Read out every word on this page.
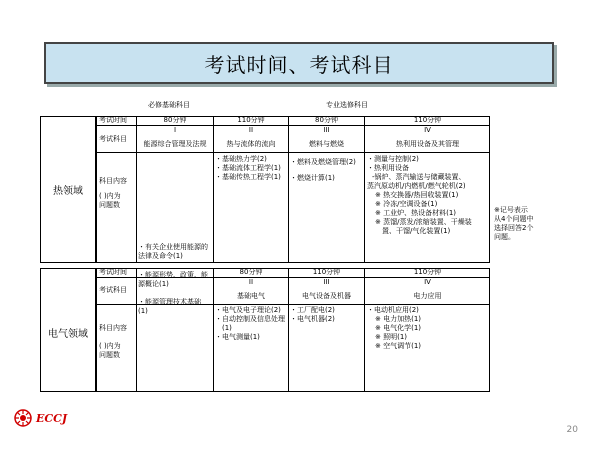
考试时间、考试科目
必修基础科目	专业选修科目
热领域
考试时间
考试科目
科目内容
( )内为
问题数
80分钟
I
能源综合管理及法规
・有关企业使用能源的
法律及命令(1)
110分钟
II
热与流体的流向
・基础热力学(2)
・基础流体工程学(1)
・基础传热工程学(1)
80分钟
III
燃料与燃烧
・燃料及燃烧管理(2)
・燃烧计算(1)
110分钟
IV
热利用设备及其管理
・测量与控制(2)
・热利用设备
-锅炉、蒸汽输送与储藏装置、
蒸汽原动机/内燃机/燃气轮机(2)
※ 热交换器/热回收装置(1)
※ 冷冻/空调设备(1)
※ 工业炉、热设备材料(1)
※ 蒸馏/蒸发/浓缩装置、干燥装
置、干馏/气化装置(1)
※记号表示
从4个问题中
选择回答2个
问题。
电气领域
考试时间
考试科目
科目内容
( )内为
问题数
・能源形势、政策、能
源概论(1)
・能源管理技术基础
(1)
80分钟
II
基础电气
・电气及电子理论(2)
・自动控制及信息处理
(1)
・电气测量(1)
110分钟
III
电气设备及机器
・工厂配电(2)
・电气机器(2)
110分钟
IV
电力应用
・电动机应用(2)
※ 电力加热(1)
※ 电气化学(1)
※ 照明(1)
※ 空气调节(1)
ECCJ
20
